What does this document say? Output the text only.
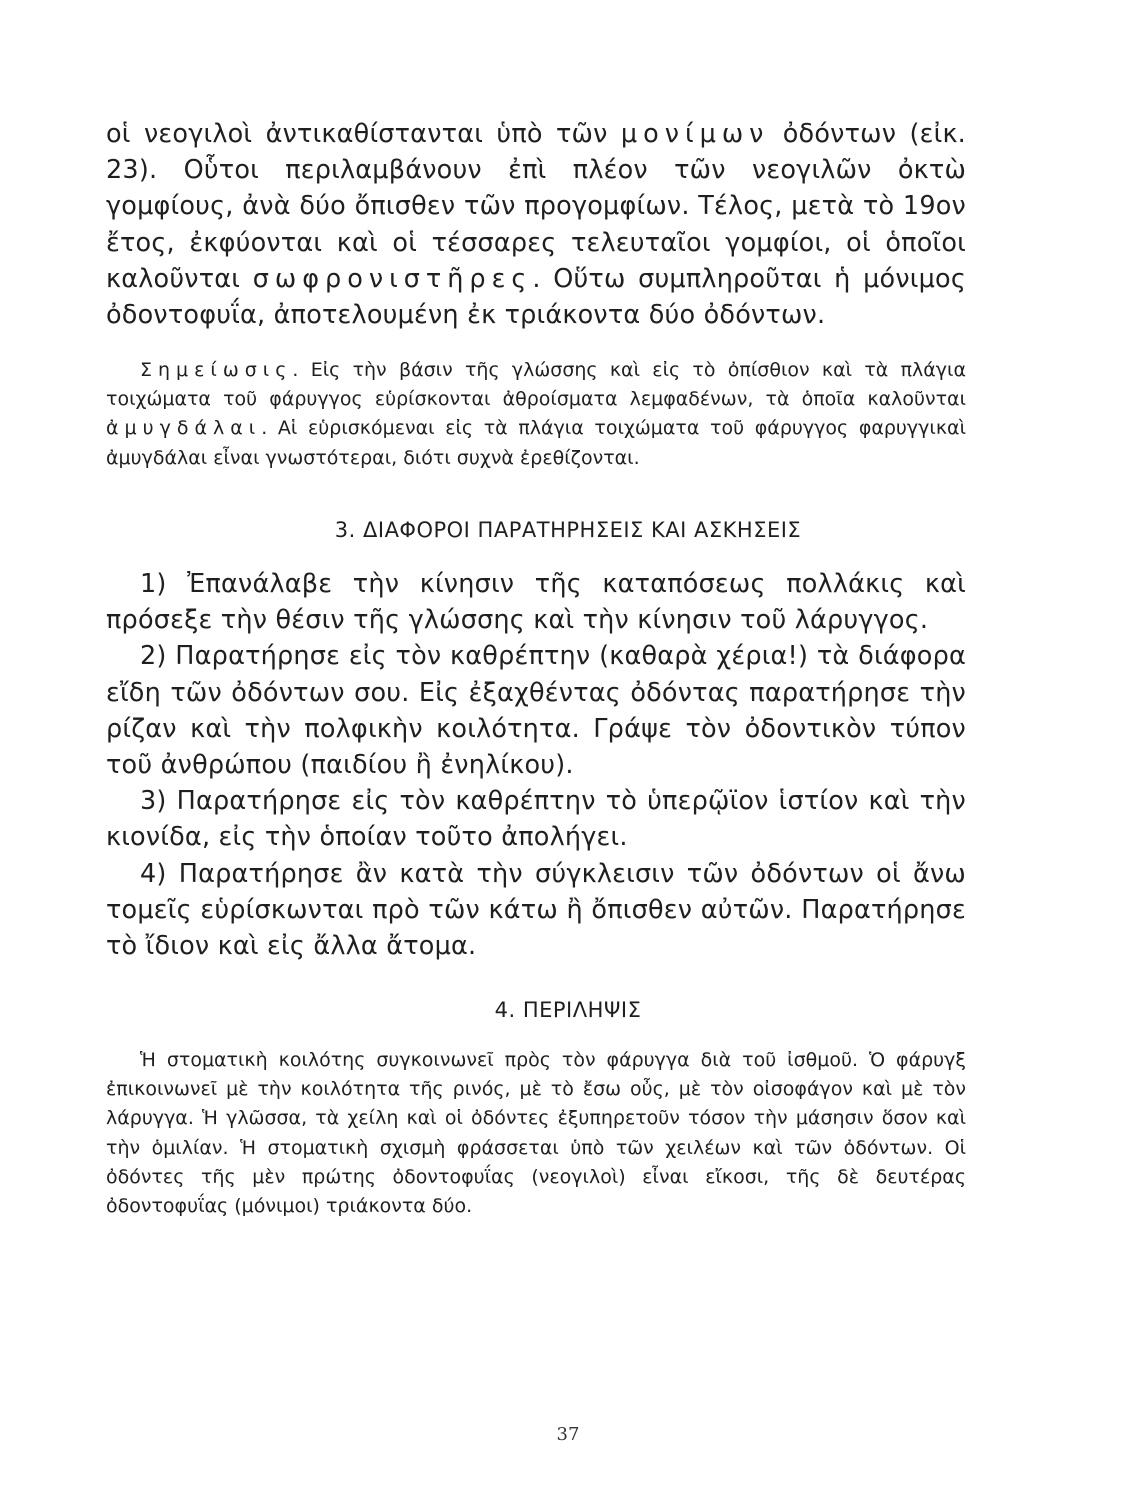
οἱ νεογιλοὶ ἀντικαθίστανται ὑπὸ τῶν μονίμων ὀδόντων (εἰκ. 23). Οὗτοι περιλαμβάνουν ἐπὶ πλέον τῶν νεογιλῶν ὀκτὼ γομφίους, ἀνὰ δύο ὄπισθεν τῶν προγομφίων. Τέλος, μετὰ τὸ 19ον ἔτος, ἐκφύονται καὶ οἱ τέσσαρες τελευταῖοι γομφίοι, οἱ ὁποῖοι καλοῦνται σωφρονιστῆρες. Οὕτω συμπληροῦται ἡ μόνιμος ὀδοντοφυΐα, ἀποτελουμένη ἐκ τριάκοντα δύο ὀδόντων.

Σημείωσις. Εἰς τὴν βάσιν τῆς γλώσσης καὶ εἰς τὸ ὀπίσθιον καὶ τὰ πλάγια τοιχώματα τοῦ φάρυγγος εὑρίσκονται ἀθροίσματα λεμφαδένων, τὰ ὁποῖα καλοῦνται ἀμυγδάλαι. Αἱ εὑρισκόμεναι εἰς τὰ πλάγια τοιχώματα τοῦ φάρυγγος φαρυγγικαὶ ἀμυγδάλαι εἶναι γνωστότεραι, διότι συχνὰ ἐρεθίζονται.

3. ΔΙΑΦΟΡΟΙ ΠΑΡΑΤΗΡΗΣΕΙΣ ΚΑΙ ΑΣΚΗΣΕΙΣ

1) Ἐπανάλαβε τὴν κίνησιν τῆς καταπόσεως πολλάκις καὶ πρόσεξε τὴν θέσιν τῆς γλώσσης καὶ τὴν κίνησιν τοῦ λάρυγγος.

2) Παρατήρησε εἰς τὸν καθρέπτην (καθαρὰ χέρια!) τὰ διάφορα εἴδη τῶν ὀδόντων σου. Εἰς ἐξαχθέντας ὀδόντας παρατήρησε τὴν ρίζαν καὶ τὴν πολφικὴν κοιλότητα. Γράψε τὸν ὀδοντικὸν τύπον τοῦ ἀνθρώπου (παιδίου ἢ ἐνηλίκου).

3) Παρατήρησε εἰς τὸν καθρέπτην τὸ ὑπερῷϊον ἱστίον καὶ τὴν κιονίδα, εἰς τὴν ὁποίαν τοῦτο ἀπολήγει.

4) Παρατήρησε ἂν κατὰ τὴν σύγκλεισιν τῶν ὀδόντων οἱ ἄνω τομεῖς εὑρίσκωνται πρὸ τῶν κάτω ἢ ὄπισθεν αὐτῶν. Παρατήρησε τὸ ἴδιον καὶ εἰς ἄλλα ἄτομα.

4. ΠΕΡΙΛΗΨΙΣ

Ἡ στοματικὴ κοιλότης συγκοινωνεῖ πρὸς τὸν φάρυγγα διὰ τοῦ ἰσθμοῦ. Ὁ φάρυγξ ἐπικοινωνεῖ μὲ τὴν κοιλότητα τῆς ρινός, μὲ τὸ ἔσω οὖς, μὲ τὸν οἰσοφάγον καὶ μὲ τὸν λάρυγγα. Ἡ γλῶσσα, τὰ χείλη καὶ οἱ ὀδόντες ἐξυπηρετοῦν τόσον τὴν μάσησιν ὅσον καὶ τὴν ὁμιλίαν. Ἡ στοματικὴ σχισμὴ φράσσεται ὑπὸ τῶν χειλέων καὶ τῶν ὀδόντων. Οἱ ὀδόντες τῆς μὲν πρώτης ὀδοντοφυΐας (νεογιλοὶ) εἶναι εἴκοσι, τῆς δὲ δευτέρας ὀδοντοφυΐας (μόνιμοι) τριάκοντα δύο.

37
